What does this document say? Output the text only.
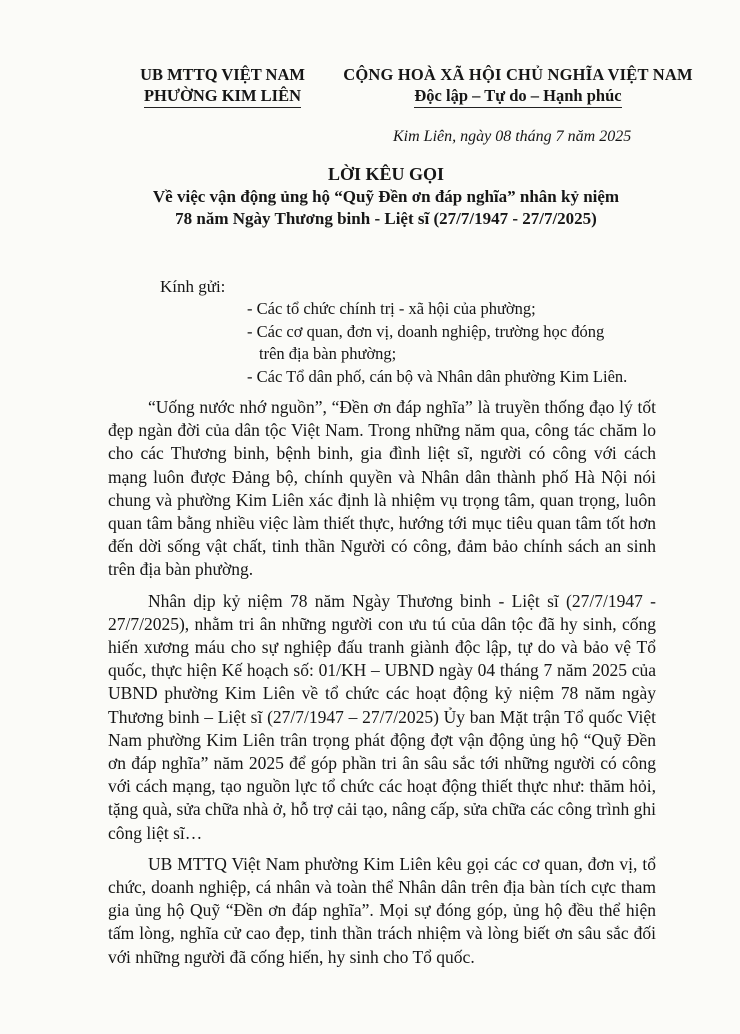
UB MTTQ VIỆT NAM
PHƯỜNG KIM LIÊN
CỘNG HOÀ XÃ HỘI CHỦ NGHĨA VIỆT NAM
Độc lập – Tự do – Hạnh phúc
Kim Liên, ngày 08 tháng 7 năm 2025
LỜI KÊU GỌI
Về việc vận động ủng hộ “Quỹ Đền ơn đáp nghĩa” nhân kỷ niệm
78 năm Ngày Thương binh - Liệt sĩ (27/7/1947 - 27/7/2025)
Kính gửi:
- Các tổ chức chính trị - xã hội của phường;
- Các cơ quan, đơn vị, doanh nghiệp, trường học đóng
trên địa bàn phường;
- Các Tổ dân phố, cán bộ và Nhân dân phường Kim Liên.

“Uống nước nhớ nguồn”, “Đền ơn đáp nghĩa” là truyền thống đạo lý tốt đẹp ngàn đời của dân tộc Việt Nam. Trong những năm qua, công tác chăm lo cho các Thương binh, bệnh binh, gia đình liệt sĩ, người có công với cách mạng luôn được Đảng bộ, chính quyền và Nhân dân thành phố Hà Nội nói chung và phường Kim Liên xác định là nhiệm vụ trọng tâm, quan trọng, luôn quan tâm bằng nhiều việc làm thiết thực, hướng tới mục tiêu quan tâm tốt hơn đến dời sống vật chất, tinh thần Người có công, đảm bảo chính sách an sinh trên địa bàn phường.

Nhân dịp kỷ niệm 78 năm Ngày Thương binh - Liệt sĩ (27/7/1947 - 27/7/2025), nhằm tri ân những người con ưu tú của dân tộc đã hy sinh, cống hiến xương máu cho sự nghiệp đấu tranh giành độc lập, tự do và bảo vệ Tổ quốc, thực hiện Kế hoạch số: 01/KH – UBND ngày 04 tháng 7 năm 2025 của UBND phường Kim Liên về tổ chức các hoạt động kỷ niệm 78 năm ngày Thương binh – Liệt sĩ (27/7/1947 – 27/7/2025) Ủy ban Mặt trận Tổ quốc Việt Nam phường Kim Liên trân trọng phát động đợt vận động ủng hộ “Quỹ Đền ơn đáp nghĩa” năm 2025 để góp phần tri ân sâu sắc tới những người có công với cách mạng, tạo nguồn lực tổ chức các hoạt động thiết thực như: thăm hỏi, tặng quà, sửa chữa nhà ở, hỗ trợ cải tạo, nâng cấp, sửa chữa các công trình ghi công liệt sĩ…

UB MTTQ Việt Nam phường Kim Liên kêu gọi các cơ quan, đơn vị, tổ chức, doanh nghiệp, cá nhân và toàn thể Nhân dân trên địa bàn tích cực tham gia ủng hộ Quỹ “Đền ơn đáp nghĩa”. Mọi sự đóng góp, ủng hộ đều thể hiện tấm lòng, nghĩa cử cao đẹp, tinh thần trách nhiệm và lòng biết ơn sâu sắc đối với những người đã cống hiến, hy sinh cho Tổ quốc.
